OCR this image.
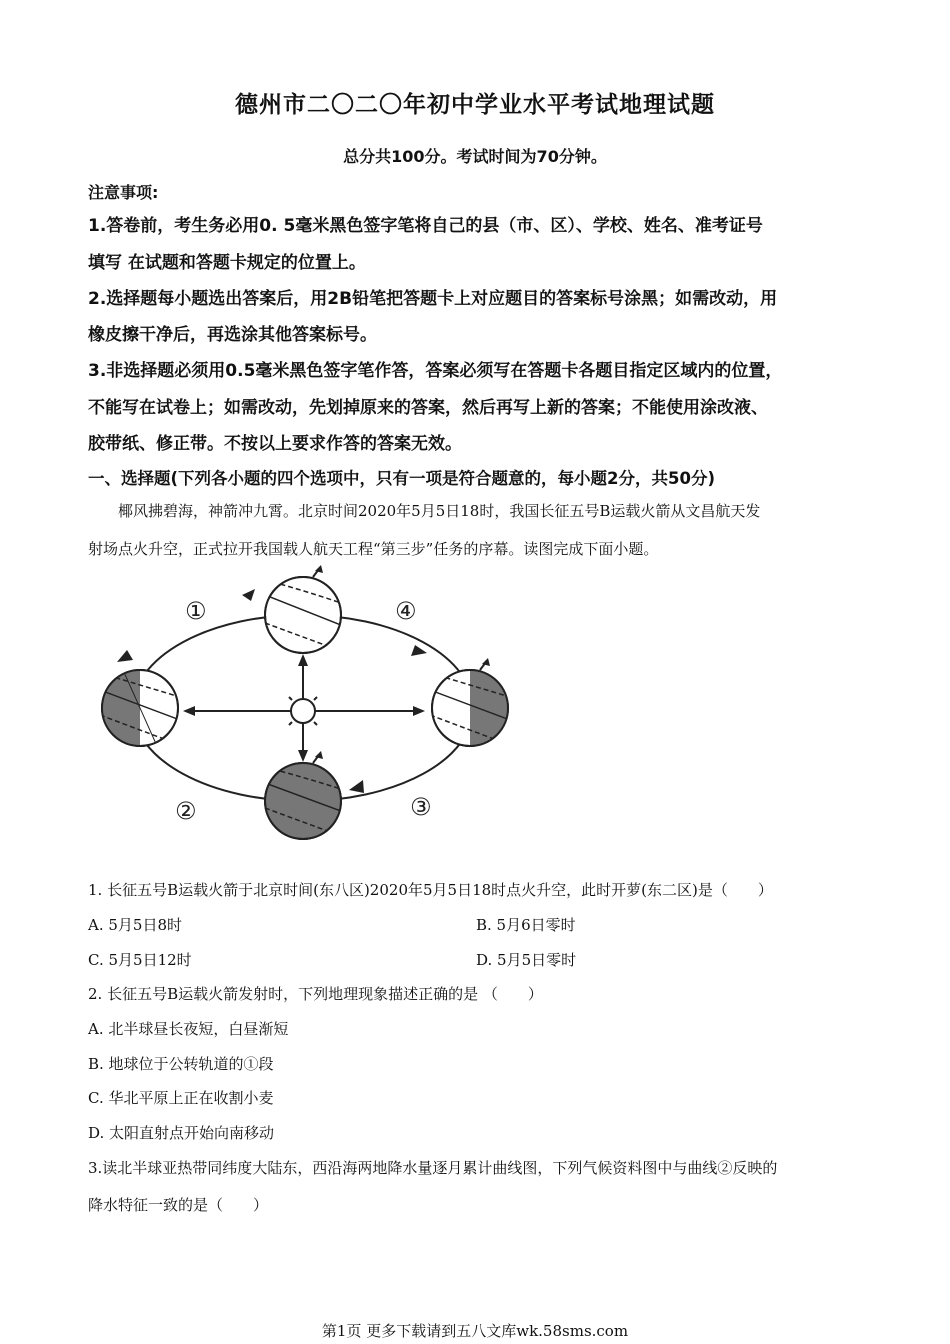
德州市二〇二〇年初中学业水平考试地理试题
总分共100分。考试时间为70分钟。
注意事项:
1.答卷前，考生务必用0. 5毫米黑色签字笔将自己的县（市、区）、学校、姓名、准考证号
填写 在试题和答题卡规定的位置上。
2.选择题每小题选出答案后，用2B铅笔把答题卡上对应题目的答案标号涂黑；如需改动，用
橡皮擦干净后，再选涂其他答案标号。
3.非选择题必须用0.5毫米黑色签字笔作答，答案必须写在答题卡各题目指定区域内的位置，
不能写在试卷上；如需改动，先划掉原来的答案，然后再写上新的答案；不能使用涂改液、
胶带纸、修正带。不按以上要求作答的答案无效。
一、选择题(下列各小题的四个选项中，只有一项是符合题意的，每小题2分，共50分)
椰风拂碧海，神箭冲九霄。北京时间2020年5月5日18时，我国长征五号B运载火箭从文昌航天发
射场点火升空，正式拉开我国载人航天工程“第三步”任务的序幕。读图完成下面小题。
①
②	③
④
1. 长征五号B运载火箭于北京时间(东八区)2020年5月5日18时点火升空，此时开萝(东二区)是（　　）
A. 5月5日8时	B. 5月6日零时
C. 5月5日12时	D. 5月5日零时
2. 长征五号B运载火箭发射时，下列地理现象描述正确的是 （　　）
A. 北半球昼长夜短，白昼渐短
B. 地球位于公转轨道的①段
C. 华北平原上正在收割小麦
D. 太阳直射点开始向南移动
3.读北半球亚热带同纬度大陆东，西沿海两地降水量逐月累计曲线图，下列气候资料图中与曲线②反映的
降水特征一致的是（　　）
第1页 更多下载请到五八文库wk.58sms.com
